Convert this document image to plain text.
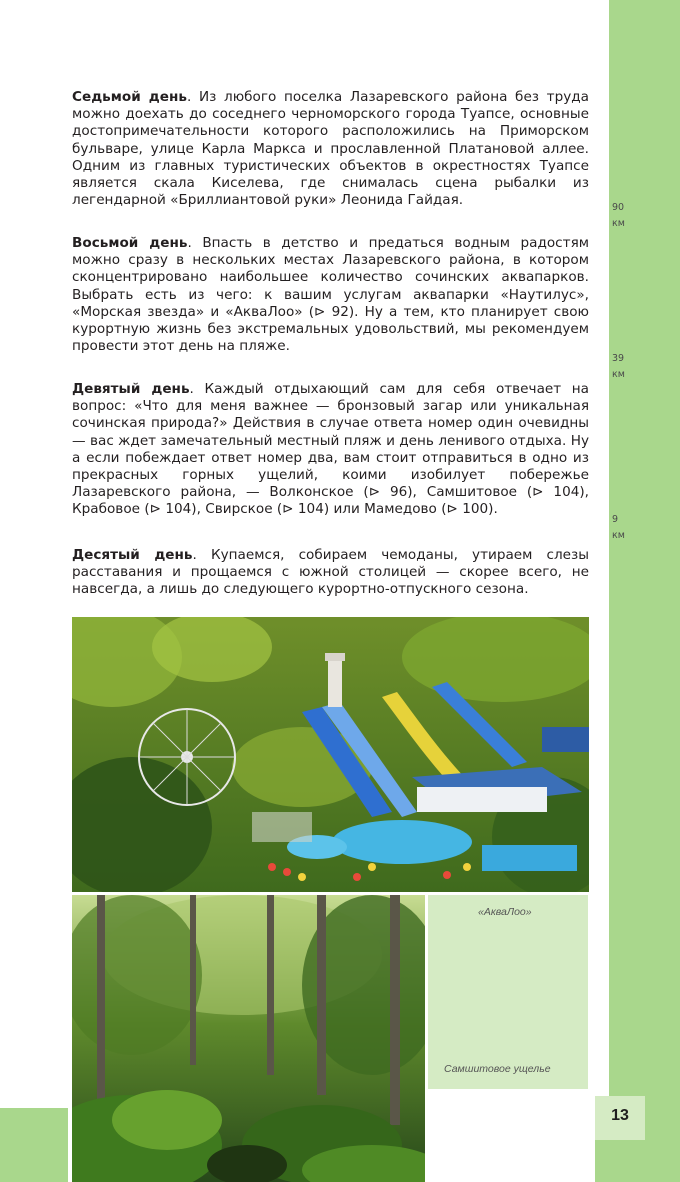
90
км
39
км
9
км

Седьмой день. Из любого поселка Лазаревского района без труда можно доехать до соседнего черноморского города Туапсе, основные достопримечательности которого расположились на Приморском бульваре, улице Карла Маркса и прославленной Платановой аллее. Одним из главных туристических объектов в окрестностях Туапсе является скала Киселева, где снималась сцена рыбалки из легендарной «Бриллиантовой руки» Леонида Гайдая.

Восьмой день. Впасть в детство и предаться водным радостям можно сразу в нескольких местах Лазаревского района, в котором сконцентрировано наибольшее количество сочинских аквапарков. Выбрать есть из чего: к вашим услугам аквапарки «Наутилус», «Морская звезда» и «АкваЛоо» (⊳ 92). Ну а тем, кто планирует свою курортную жизнь без экстремальных удовольствий, мы рекомендуем провести этот день на пляже.

Девятый день. Каждый отдыхающий сам для себя отвечает на вопрос: «Что для меня важнее — бронзовый загар или уникальная сочинская природа?» Действия в случае ответа номер один очевидны — вас ждет замечательный местный пляж и день ленивого отдыха. Ну а если побеждает ответ номер два, вам стоит отправиться в одно из прекрасных горных ущелий, коими изобилует побережье Лазаревского района, — Волконское (⊳ 96), Самшитовое (⊳ 104), Крабовое (⊳ 104), Свирское (⊳ 104) или Мамедово (⊳ 100).

Десятый день. Купаемся, собираем чемоданы, утираем слезы расставания и прощаемся с южной столицей — скорее всего, не навсегда, а лишь до следующего курортно-отпускного сезона.

«АкваЛоо»
Самшитовое ущелье
13
